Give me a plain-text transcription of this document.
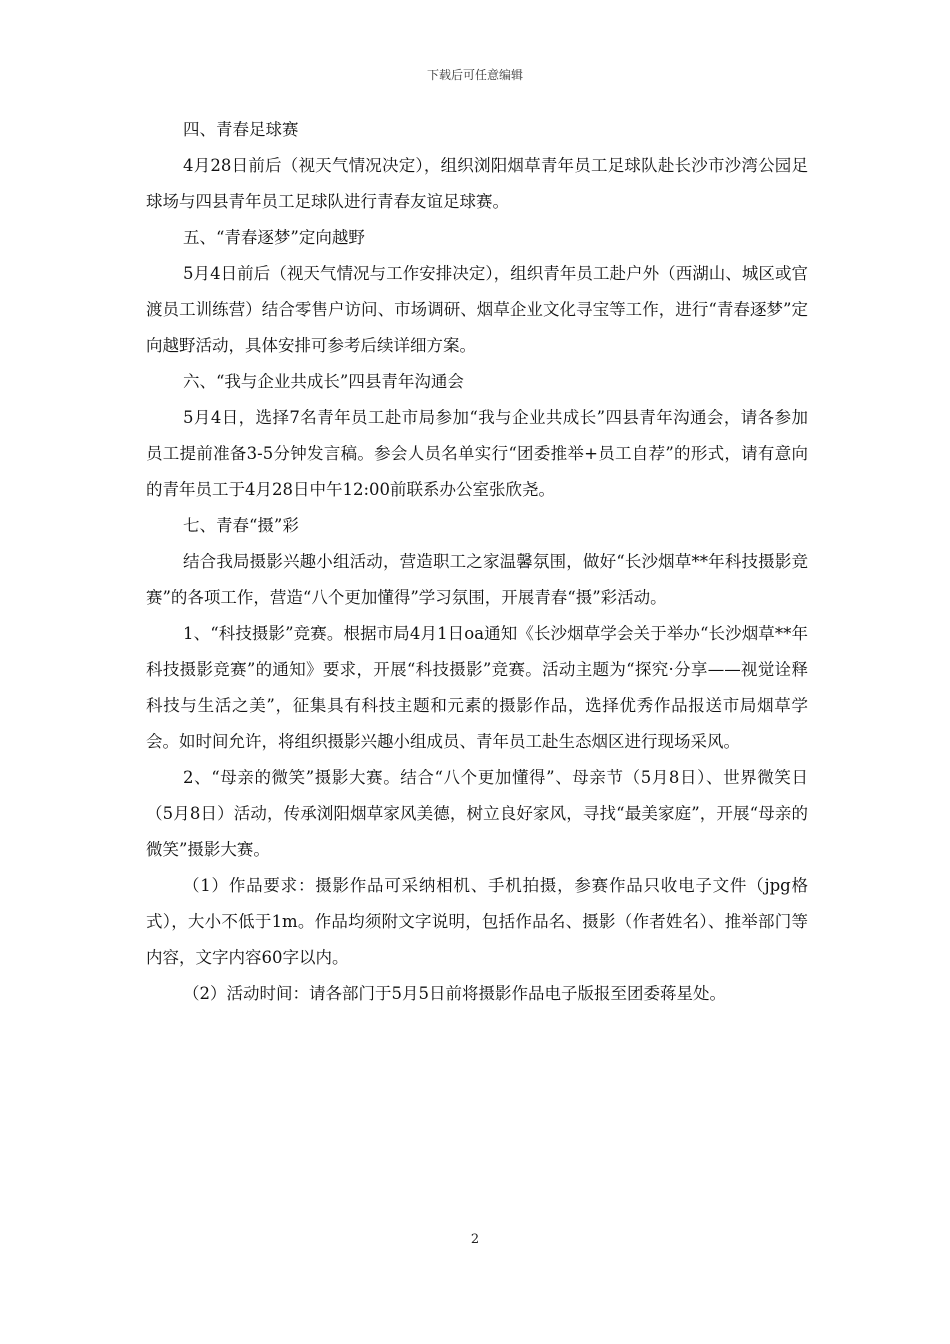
下载后可任意编辑

四、青春足球赛

4月28日前后（视天气情况决定），组织浏阳烟草青年员工足球队赴长沙市沙湾公园足球场与四县青年员工足球队进行青春友谊足球赛。

五、“青春逐梦”定向越野

5月4日前后（视天气情况与工作安排决定），组织青年员工赴户外（西湖山、城区或官渡员工训练营）结合零售户访问、市场调研、烟草企业文化寻宝等工作，进行“青春逐梦”定向越野活动，具体安排可参考后续详细方案。

六、“我与企业共成长”四县青年沟通会

5月4日，选择7名青年员工赴市局参加“我与企业共成长”四县青年沟通会，请各参加员工提前准备3-5分钟发言稿。参会人员名单实行“团委推举+员工自荐”的形式，请有意向的青年员工于4月28日中午12:00前联系办公室张欣尧。

七、青春“摄”彩

结合我局摄影兴趣小组活动，营造职工之家温馨氛围，做好“长沙烟草**年科技摄影竞赛”的各项工作，营造“八个更加懂得”学习氛围，开展青春“摄”彩活动。

1、“科技摄影”竞赛。根据市局4月1日oa通知《长沙烟草学会关于举办“长沙烟草**年科技摄影竞赛”的通知》要求，开展“科技摄影”竞赛。活动主题为“探究·分享——视觉诠释科技与生活之美”，征集具有科技主题和元素的摄影作品，选择优秀作品报送市局烟草学会。如时间允许，将组织摄影兴趣小组成员、青年员工赴生态烟区进行现场采风。

2、“母亲的微笑”摄影大赛。结合“八个更加懂得”、母亲节（5月8日）、世界微笑日（5月8日）活动，传承浏阳烟草家风美德，树立良好家风，寻找“最美家庭”，开展“母亲的微笑”摄影大赛。

（1）作品要求：摄影作品可采纳相机、手机拍摄，参赛作品只收电子文件（jpg格式），大小不低于1m。作品均须附文字说明，包括作品名、摄影（作者姓名）、推举部门等内容，文字内容60字以内。

（2）活动时间：请各部门于5月5日前将摄影作品电子版报至团委蒋星处。

2
